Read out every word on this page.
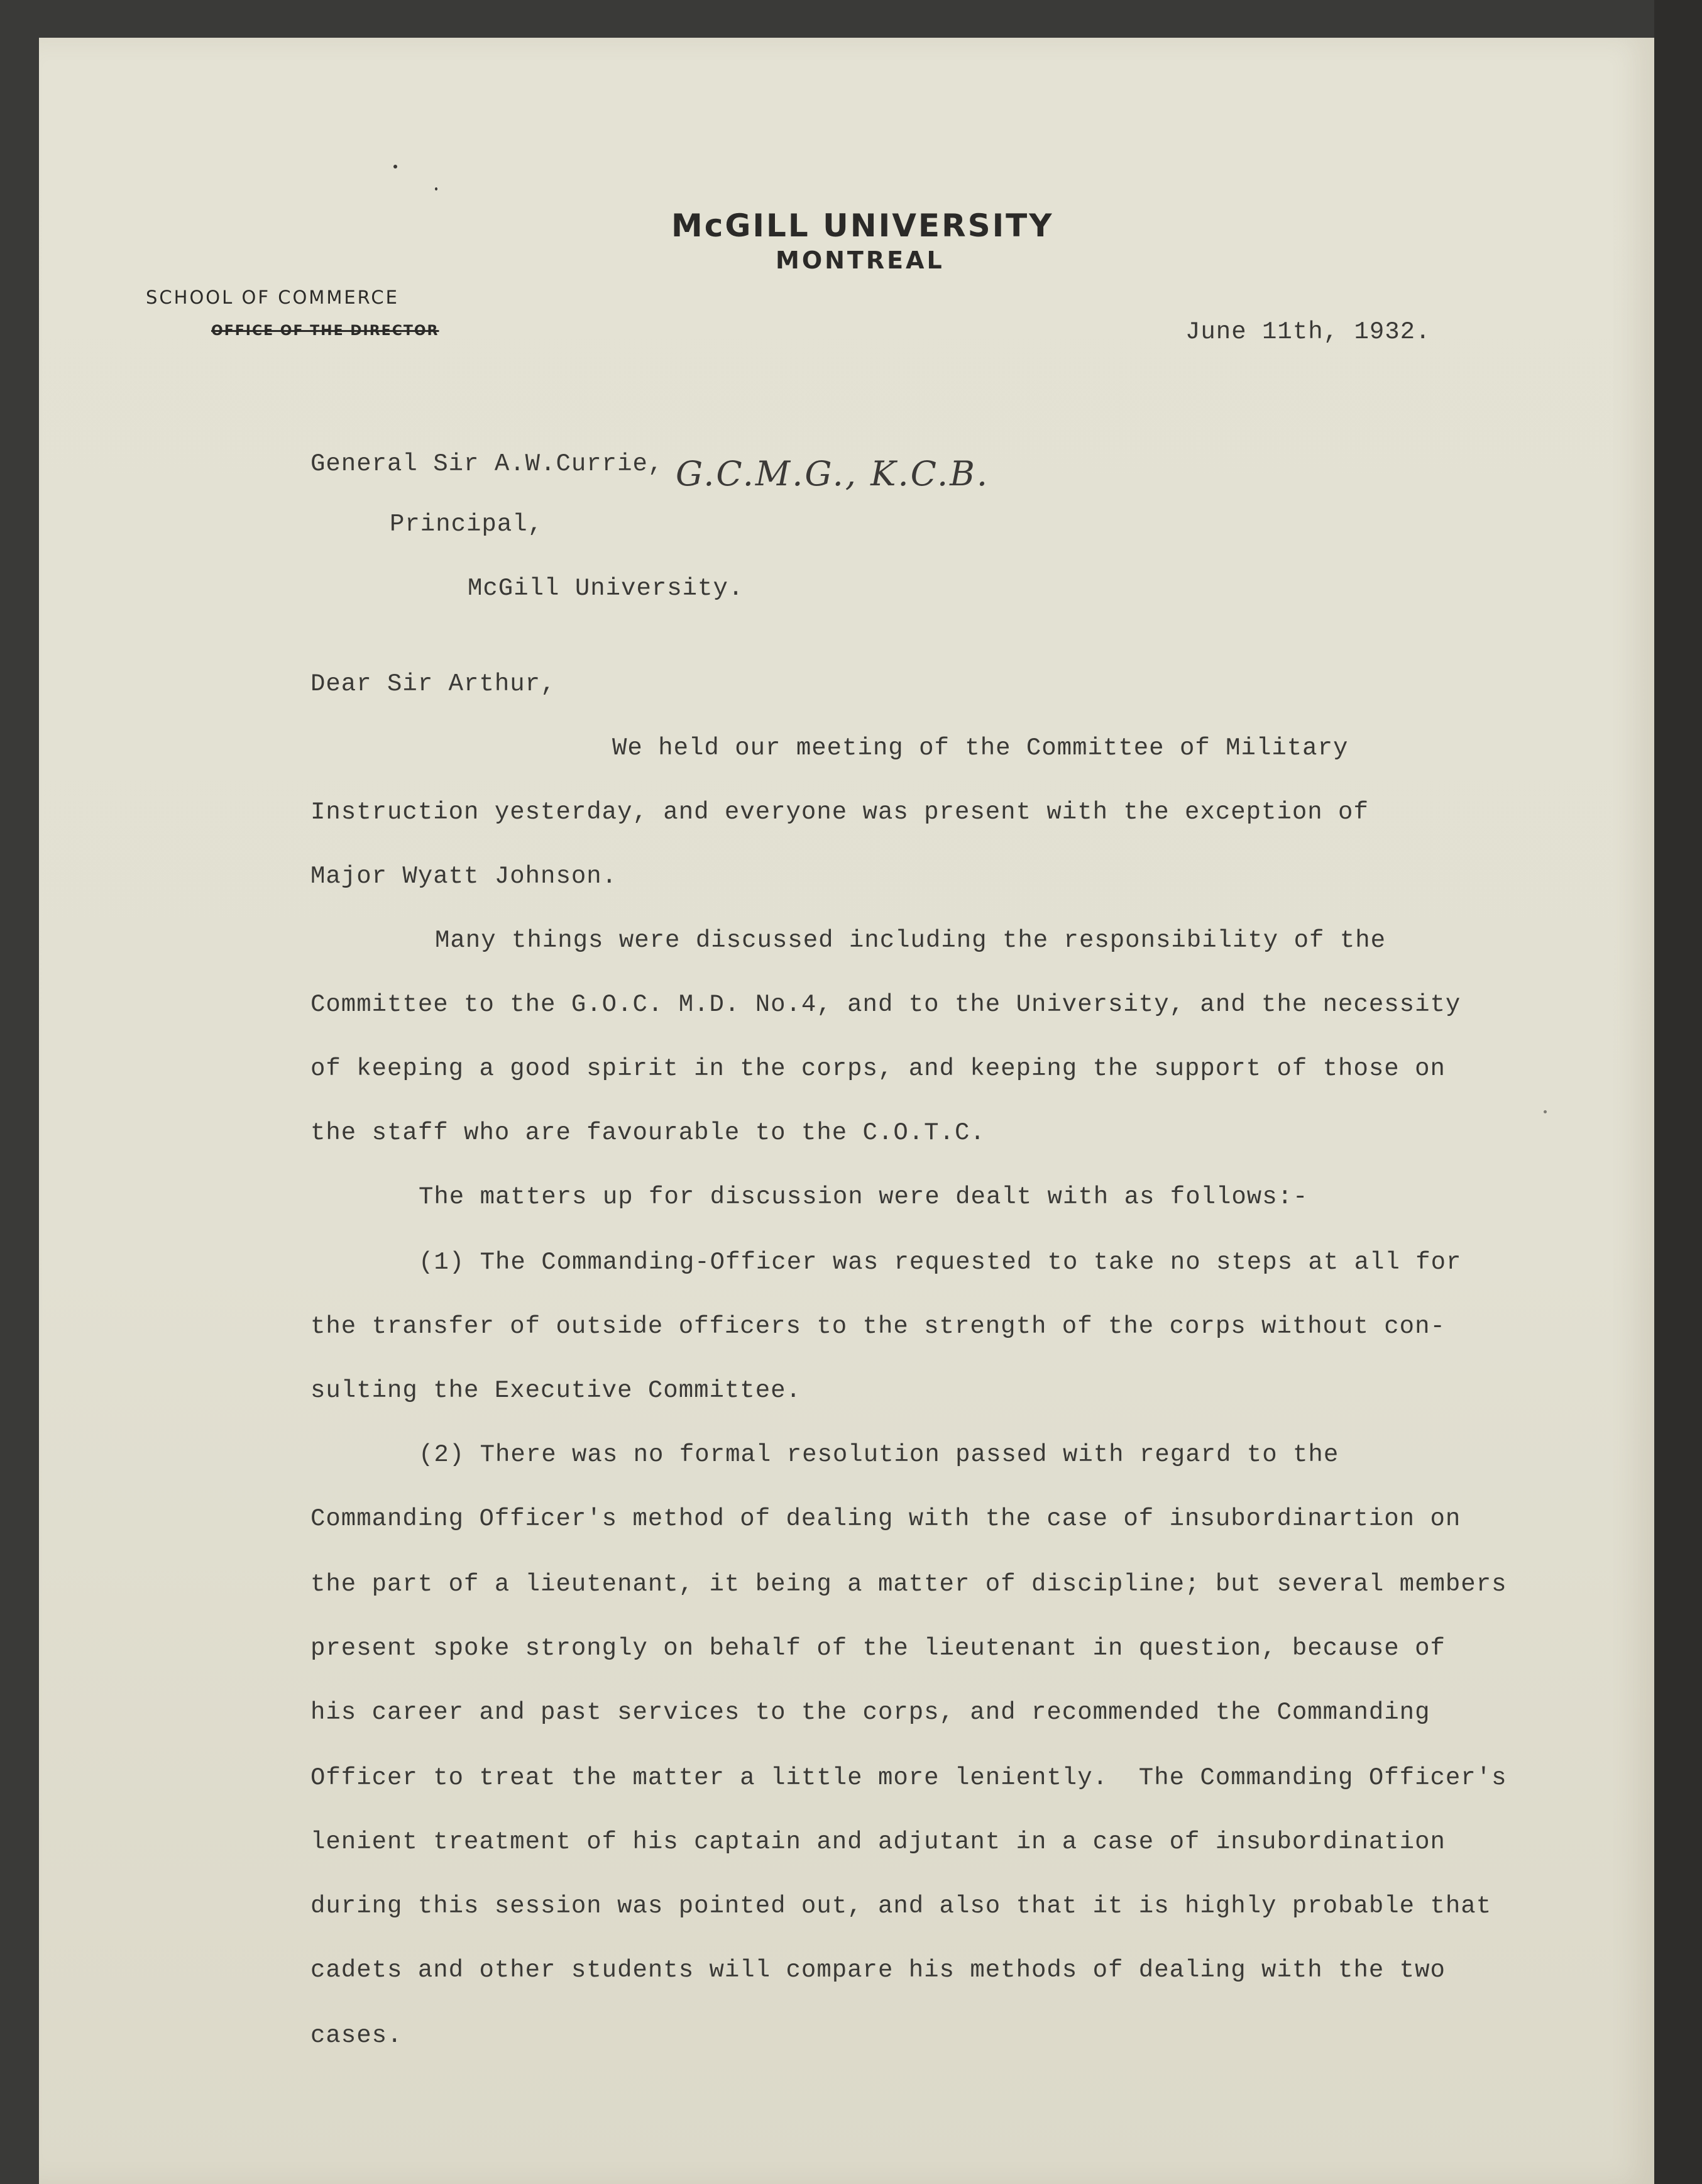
McGILL UNIVERSITY
MONTREAL
SCHOOL OF COMMERCE
OFFICE OF THE DIRECTOR	June 11th, 1932.
General Sir A.W.Currie, G.C.M.G., K.C.B.
Principal,
McGill University.
Dear Sir Arthur,
We held our meeting of the Committee of Military
Instruction yesterday, and everyone was present with the exception of
Major Wyatt Johnson.
Many things were discussed including the responsibility of the
Committee to the G.O.C. M.D. No.4, and to the University, and the necessity
of keeping a good spirit in the corps, and keeping the support of those on
the staff who are favourable to the C.O.T.C.
The matters up for discussion were dealt with as follows:-
(1) The Commanding-Officer was requested to take no steps at all for
the transfer of outside officers to the strength of the corps without con-
sulting the Executive Committee.
(2) There was no formal resolution passed with regard to the
Commanding Officer's method of dealing with the case of insubordinartion on
the part of a lieutenant, it being a matter of discipline; but several members
present spoke strongly on behalf of the lieutenant in question, because of
his career and past services to the corps, and recommended the Commanding
Officer to treat the matter a little more leniently.  The Commanding Officer's
lenient treatment of his captain and adjutant in a case of insubordination
during this session was pointed out, and also that it is highly probable that
cadets and other students will compare his methods of dealing with the two
cases.
